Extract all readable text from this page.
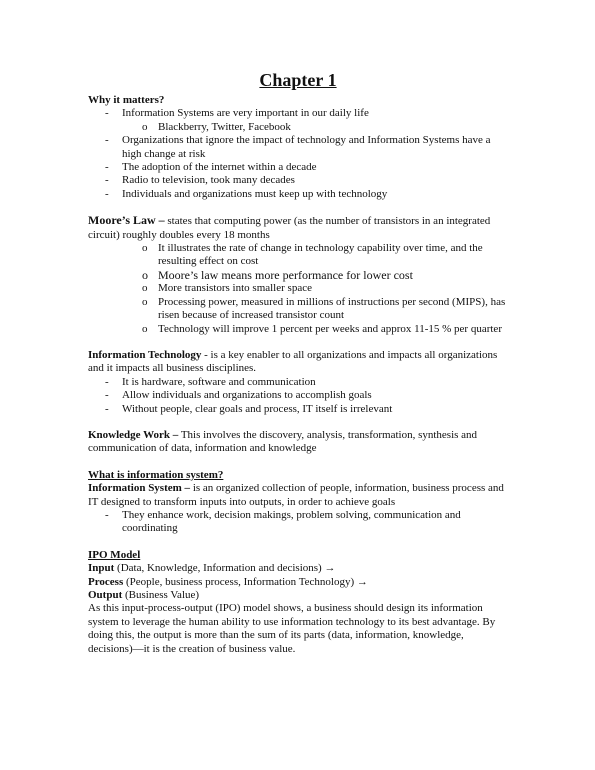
Chapter 1
Why it matters?
- Information Systems are very important in our daily life
o Blackberry, Twitter, Facebook
- Organizations that ignore the impact of technology and Information Systems have a high change at risk
- The adoption of the internet within a decade
- Radio to television, took many decades
- Individuals and organizations must keep up with technology

Moore’s Law – states that computing power (as the number of transistors in an integrated circuit) roughly doubles every 18 months

o It illustrates the rate of change in technology capability over time, and the resulting effect on cost
o Moore’s law means more performance for lower cost
o More transistors into smaller space
o Processing power, measured in millions of instructions per second (MIPS), has risen because of increased transistor count
o Technology will improve 1 percent per weeks and approx 11-15 % per quarter

Information Technology - is a key enabler to all organizations and impacts all organizations and it impacts all business disciplines.

- It is hardware, software and communication
- Allow individuals and organizations to accomplish goals
- Without people, clear goals and process, IT itself is irrelevant

Knowledge Work – This involves the discovery, analysis, transformation, synthesis and communication of data, information and knowledge

What is information system?

Information System – is an organized collection of people, information, business process and IT designed to transform inputs into outputs, in order to achieve goals

- They enhance work, decision makings, problem solving, communication and coordinating
IPO Model

Input (Data, Knowledge, Information and decisions) →

Process (People, business process, Information Technology) →

Output (Business Value)

As this input-process-output (IPO) model shows, a business should design its information system to leverage the human ability to use information technology to its best advantage. By doing this, the output is more than the sum of its parts (data, information, knowledge, decisions)—it is the creation of business value.
